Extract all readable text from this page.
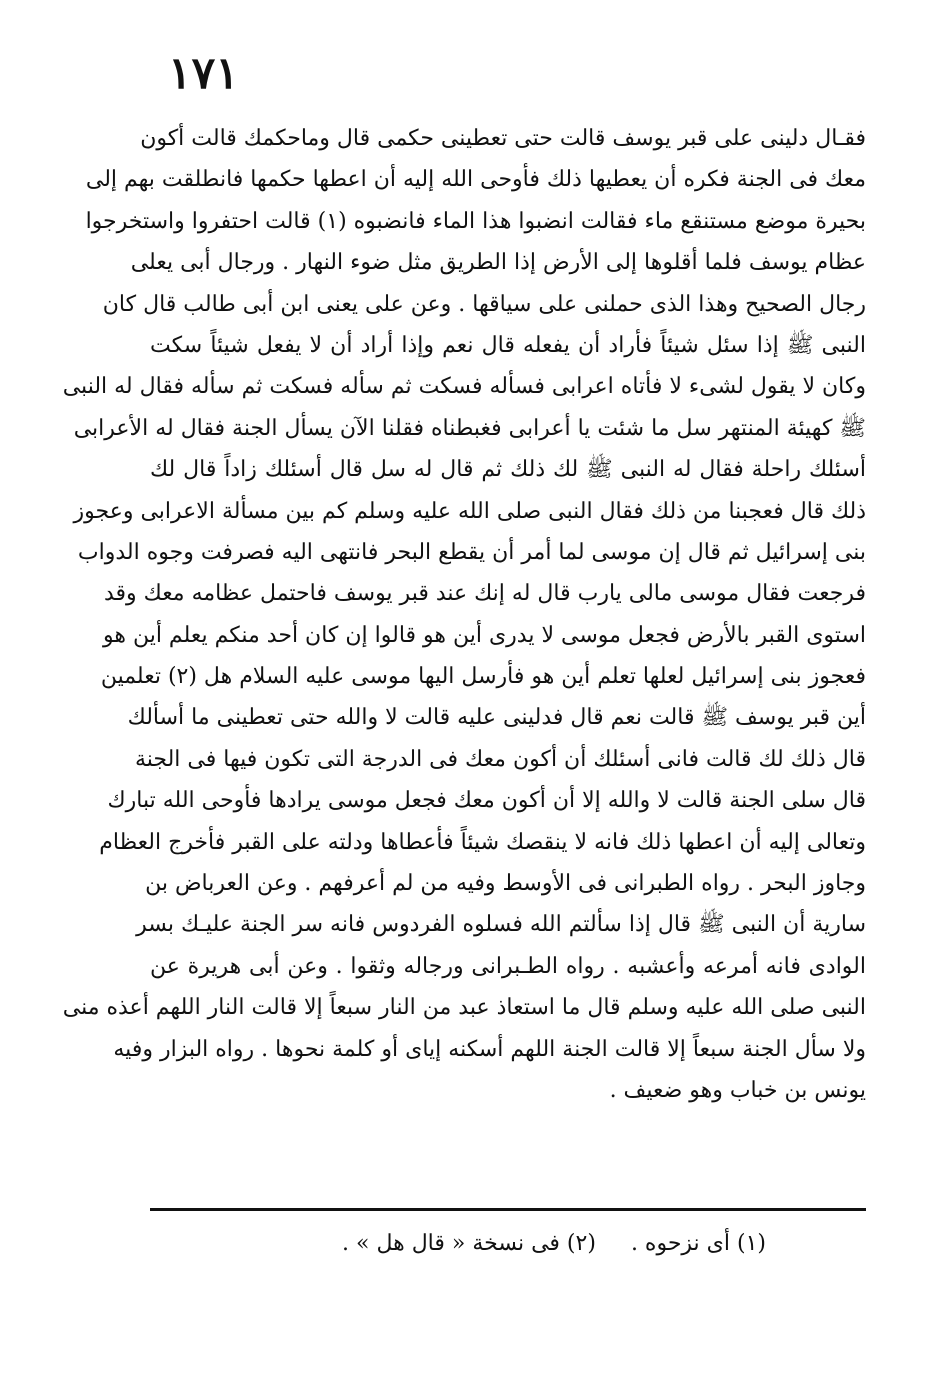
١٧١
فقـال دلينى على قبر يوسف قالت حتى تعطينى حكمى قال وماحكمك قالت أكون
معك فى الجنة فكره أن يعطيها ذلك فأوحى الله إليه أن اعطها حكمها فانطلقت بهم إلى
بحيرة موضع مستنقع ماء فقالت انضبوا هذا الماء فانضبوه (١) قالت احتفروا واستخرجوا
عظام يوسف فلما أقلوها إلى الأرض إذا الطريق مثل ضوء النهار . ورجال أبى يعلى
رجال الصحيح وهذا الذى حملنى على سياقها . وعن على يعنى ابن أبى طالب قال كان
النبى ﷺ إذا سئل شيئاً فأراد أن يفعله قال نعم وإذا أراد أن لا يفعل شيئاً سكت
وكان لا يقول لشىء لا فأتاه اعرابى فسأله فسكت ثم سأله فسكت ثم سأله فقال له النبى
ﷺ كهيئة المنتهر سل ما شئت يا أعرابى فغبطناه فقلنا الآن يسأل الجنة فقال له الأعرابى
أسئلك راحلة فقال له النبى ﷺ لك ذلك ثم قال له سل قال أسئلك زاداً قال لك
ذلك قال فعجبنا من ذلك فقال النبى صلى الله عليه وسلم كم بين مسألة الاعرابى وعجوز
بنى إسرائيل ثم قال إن موسى لما أمر أن يقطع البحر فانتهى اليه فصرفت وجوه الدواب
فرجعت فقال موسى مالى يارب قال له إنك عند قبر يوسف فاحتمل عظامه معك وقد
استوى القبر بالأرض فجعل موسى لا يدرى أين هو قالوا إن كان أحد منكم يعلم أين هو
فعجوز بنى إسرائيل لعلها تعلم أين هو فأرسل اليها موسى عليه السلام هل (٢) تعلمين
أين قبر يوسف ﷺ قالت نعم قال فدلينى عليه قالت لا والله حتى تعطينى ما أسألك
قال ذلك لك قالت فانى أسئلك أن أكون معك فى الدرجة التى تكون فيها فى الجنة
قال سلى الجنة قالت لا والله إلا أن أكون معك فجعل موسى يرادها فأوحى الله تبارك
وتعالى إليه أن اعطها ذلك فانه لا ينقصك شيئاً فأعطاها ودلته على القبر فأخرج العظام
وجاوز البحر . رواه الطبرانى فى الأوسط وفيه من لم أعرفهم . وعن العرباض بن
سارية أن النبى ﷺ قال إذا سألتم الله فسلوه الفردوس فانه سر الجنة عليـك بسر
الوادى فانه أمرعه وأعشبه . رواه الطـبرانى ورجاله وثقوا . وعن أبى هريرة عن
النبى صلى الله عليه وسلم قال ما استعاذ عبد من النار سبعاً إلا قالت النار اللهم أعذه منى
ولا سأل الجنة سبعاً إلا قالت الجنة اللهم أسكنه إياى أو كلمة نحوها . رواه البزار وفيه
يونس بن خباب وهو ضعيف .
(١) أى نزحوه . (٢) فى نسخة « قال هل » .
